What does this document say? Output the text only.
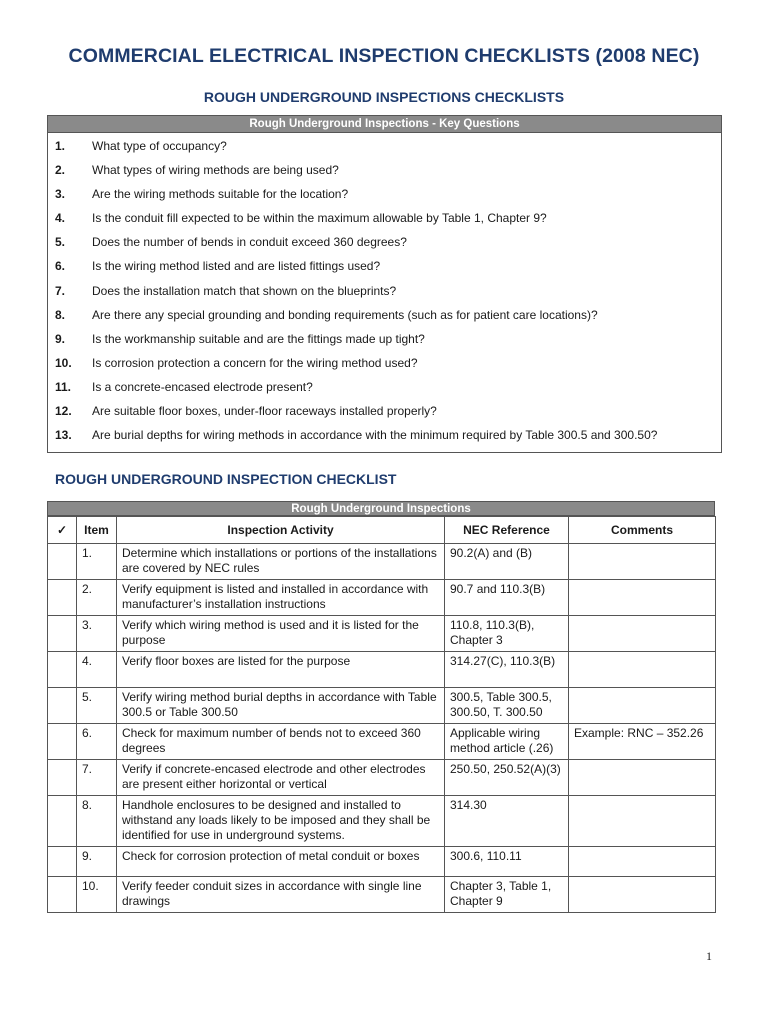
COMMERCIAL ELECTRICAL INSPECTION CHECKLISTS (2008 NEC)
ROUGH UNDERGROUND INSPECTIONS CHECKLISTS
Rough Underground Inspections - Key Questions
1. What type of occupancy?
2. What types of wiring methods are being used?
3. Are the wiring methods suitable for the location?
4. Is the conduit fill expected to be within the maximum allowable by Table 1, Chapter 9?
5. Does the number of bends in conduit exceed 360 degrees?
6. Is the wiring method listed and are listed fittings used?
7. Does the installation match that shown on the blueprints?
8. Are there any special grounding and bonding requirements (such as for patient care locations)?
9. Is the workmanship suitable and are the fittings made up tight?
10. Is corrosion protection a concern for the wiring method used?
11. Is a concrete-encased electrode present?
12. Are suitable floor boxes, under-floor raceways installed properly?
13. Are burial depths for wiring methods in accordance with the minimum required by Table 300.5 and 300.50?
ROUGH UNDERGROUND INSPECTION CHECKLIST
Rough Underground Inspections
✓	Item	Inspection Activity	NEC Reference	Comments
	1.	Determine which installations or portions of the installations are covered by NEC rules	90.2(A) and (B)	
	2.	Verify equipment is listed and installed in accordance with manufacturer’s installation instructions	90.7 and 110.3(B)	
	3.	Verify which wiring method is used and it is listed for the purpose	110.8, 110.3(B), Chapter 3	
	4.	Verify floor boxes are listed for the purpose	314.27(C), 110.3(B)	
	5.	Verify wiring method burial depths in accordance with Table 300.5 or Table 300.50	300.5, Table 300.5, 300.50, T. 300.50	
	6.	Check for maximum number of bends not to exceed 360 degrees	Applicable wiring method article (.26)	Example: RNC – 352.26
	7.	Verify if concrete-encased electrode and other electrodes are present either horizontal or vertical	250.50, 250.52(A)(3)	
	8.	Handhole enclosures to be designed and installed to withstand any loads likely to be imposed and they shall be identified for use in underground systems.	314.30	
	9.	Check for corrosion protection of metal conduit or boxes	300.6, 110.11	
	10.	Verify feeder conduit sizes in accordance with single line drawings	Chapter 3, Table 1, Chapter 9	
1
